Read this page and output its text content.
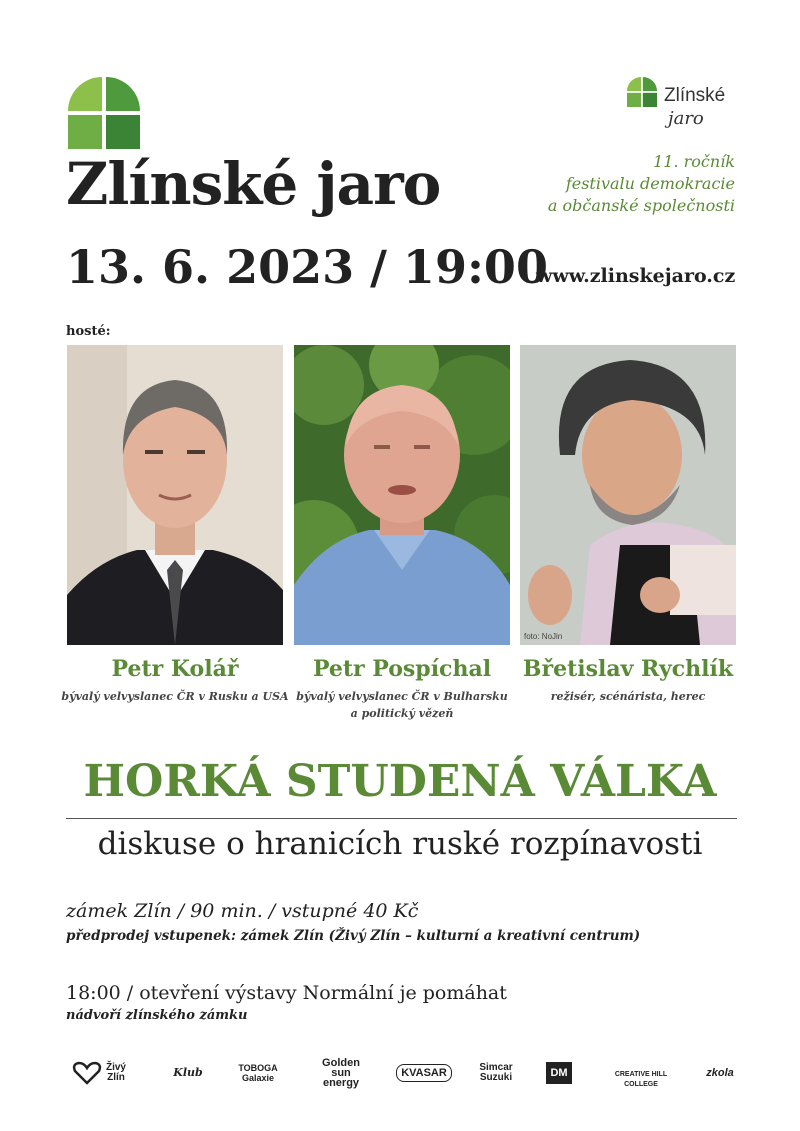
Zlínské
jaro
11. ročník
festivalu demokracie
a občanské společnosti
Zlínské jaro
13. 6. 2023 / 19:00
www.zlinskejaro.cz
hosté:
foto: NoJin
Petr Kolář
bývalý velvyslanec ČR v Rusku a USA
Petr Pospíchal
bývalý velvyslanec ČR v Bulharsku
a politický vězeň
Břetislav Rychlík
režisér, scénárista, herec
HORKÁ STUDENÁ VÁLKA
diskuse o hranicích ruské rozpínavosti
zámek Zlín / 90 min. / vstupné 40 Kč
předprodej vstupenek: zámek Zlín (Živý Zlín – kulturní a kreativní centrum)
18:00 / otevření výstavy Normální je pomáhat
nádvoří zlínského zámku
Živý Zlín	Klub	TOBOGA Galaxie
Golden sun energy
KVASAR	Simcar Suzuki	DM	CREATIVE HILL COLLEGE
zkola
